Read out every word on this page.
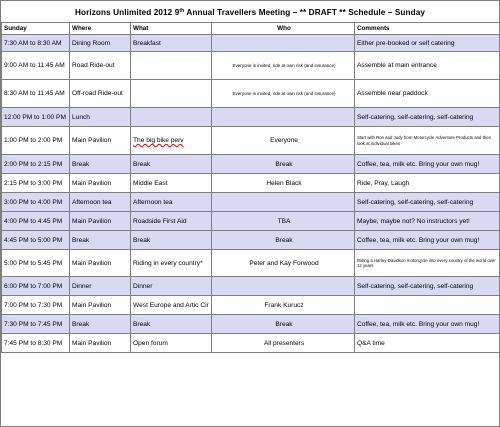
Horizons Unlimited 2012 9th Annual Travellers Meeting – ** DRAFT ** Schedule – Sunday
Sunday	Where	What	Who	Comments
7:30 AM to 8:30 AM	Dining Room	Breakfast		Either pre-booked or self catering
9:00 AM to 11:45 AM	Road Ride-out		Everyone is invited, ride at own risk (and insurance)	Assemble at main entrance
8:30 AM to 11:45 AM	Off-road Ride-out		Everyone is invited, ride at own risk (and insurance)	Assemble near paddock
12:00 PM to 1:00 PM	Lunch			Self-catering, self-catering, self-catering
1:00 PM to 2:00 PM	Main Pavilion	The big bike perv	Everyone	Start with Ron and Judy from Motorcycle Adventure Products and then look at individual bikes
2:00 PM to 2:15 PM	Break	Break	Break	Coffee, tea, milk etc. Bring your own mug!
2:15 PM to 3:00 PM	Main Pavilion	Middle East	Helen Black	Ride, Pray, Laugh
3:00 PM to 4:00 PM	Afternoon tea	Afternoon tea		Self-catering, self-catering, self-catering
4:00 PM to 4:45 PM	Main Pavilion	Roadside First Aid	TBA	Maybe, maybe not? No instructors yet!
4:45 PM to 5:00 PM	Break	Break	Break	Coffee, tea, milk etc. Bring your own mug!
5:00 PM to 5:45 PM	Main Pavilion	Riding in every country*	Peter and Kay Forwood	Riding a Harley-Davidson motorcycle into every country of the world over 12 years
6:00 PM to 7:00 PM	Dinner	Dinner		Self-catering, self-catering, self-catering
7:00 PM to 7:30 PM	Main Pavilion	West Europe and Artic Cir	Frank Kurucz	
7:30 PM to 7:45 PM	Break	Break	Break	Coffee, tea, milk etc. Bring your own mug!
7:45 PM to 8:30 PM	Main Pavilion	Open forum	All presenters	Q&A time
